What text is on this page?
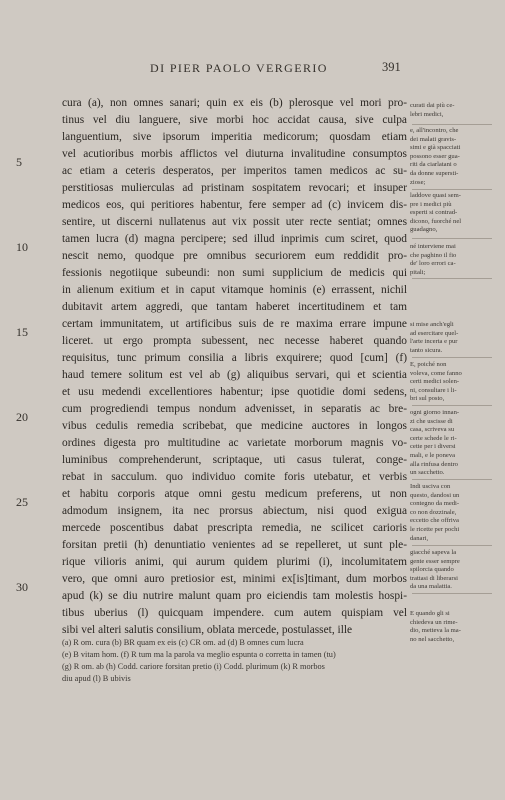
DI PIER PAOLO VERGERIO	391
5
10
15
20
25
30
cura (a), non omnes sanari; quin ex eis (b) plerosque vel mori pro-
tinus vel diu languere, sive morbi hoc accidat causa, sive culpa
languentium, sive ipsorum imperitia medicorum; quosdam etiam
vel acutioribus morbis afflictos vel diuturna invalitudine consumptos
ac etiam a ceteris desperatos, per imperitos tamen medicos ac su-
perstitiosas mulierculas ad pristinam sospitatem revocari; et insuper
medicos eos, qui peritiores habentur, fere semper ad (c) invicem dis-
sentire, ut discerni nullatenus aut vix possit uter recte sentiat; omnes
tamen lucra (d) magna percipere; sed illud inprimis cum sciret, quod
nescit nemo, quodque pre omnibus securiorem eum reddidit pro-
fessionis negotiique subeundi: non sumi supplicium de medicis qui
in alienum exitium et in caput vitamque hominis (e) errassent, nichil
dubitavit artem aggredi, que tantam haberet incertitudinem et tam
certam immunitatem, ut artificibus suis de re maxima errare impune
liceret. ut ergo prompta subessent, nec necesse haberet quando
requisitus, tunc primum consilia a libris exquirere; quod [cum] (f)
haud temere solitum est vel ab (g) aliquibus servari, qui et scientia
et usu medendi excellentiores habentur; ipse quotidie domi sedens,
cum progrediendi tempus nondum advenisset, in separatis ac bre-
vibus cedulis remedia scribebat, que medicine auctores in longos
ordines digesta pro multitudine ac varietate morborum magnis vo-
luminibus comprehenderunt, scriptaque, uti casus tulerat, conge-
rebat in sacculum. quo individuo comite foris utebatur, et verbis
et habitu corporis atque omni gestu medicum preferens, ut non
admodum insignem, ita nec prorsus abiectum, nisi quod exigua
mercede poscentibus dabat prescripta remedia, ne scilicet carioris
forsitan pretii (h) denuntiatio venientes ad se repelleret, ut sunt ple-
rique vilioris animi, qui aurum quidem plurimi (i), incolumitatem
vero, que omni auro pretiosior est, minimi ex[is]timant, dum morbos
apud (k) se diu nutrire malunt quam pro eiciendis tam molestis hospi-
tibus uberius (l) quicquam impendere. cum autem quispiam vel
sibi vel alteri salutis consilium, oblata mercede, postulasset, ille
curati dai più ce-
lebri medici,
e, all'incontro, che
dei malati gravis-
simi e già spacciati
possono esser gua-
riti da ciarlatani o
da donne supersti-
ziose;
laddove quasi sem-
pre i medici più
esperti si contrad-
dicono, fuorché nel
guadagno,
né interviene mai
che paghino il fio
de' loro errori ca-
pitali;
si mise anch'egli
ad esercitare quel-
l'arte incerta e pur
tanto sicura.
E, poiché non
voleva, come fanno
certi medici solen-
ni, consultare i li-
bri sul posto,
ogni giorno innan-
zi che uscisse di
casa, scriveva su
certe schede le ri-
cette per i diversi
mali, e le poneva
alla rinfusa dentro
un sacchetto.
Indi usciva con
questo, dandosi un
contegno da medi-
co non dozzinale,
eccetto che offriva
le ricette per pochi
danari,
giacché sapeva la
gente esser sempre
spilorcia quando
trattasi di liberarsi
da una malattia.
E quando gli si
chiedeva un rime-
dio, metteva la ma-
no nel sacchetto,
(a) R om. cura (b) BR quam ex eis (c) CR om. ad (d) B omnes cum lucra
(e) B vitam hom. (f) R tum ma la parola va meglio espunta o corretta in tamen (tu)
(g) R om. ab (h) Codd. cariore forsitan pretio (i) Codd. plurimum (k) R morbos
diu apud (l) B ubivis
